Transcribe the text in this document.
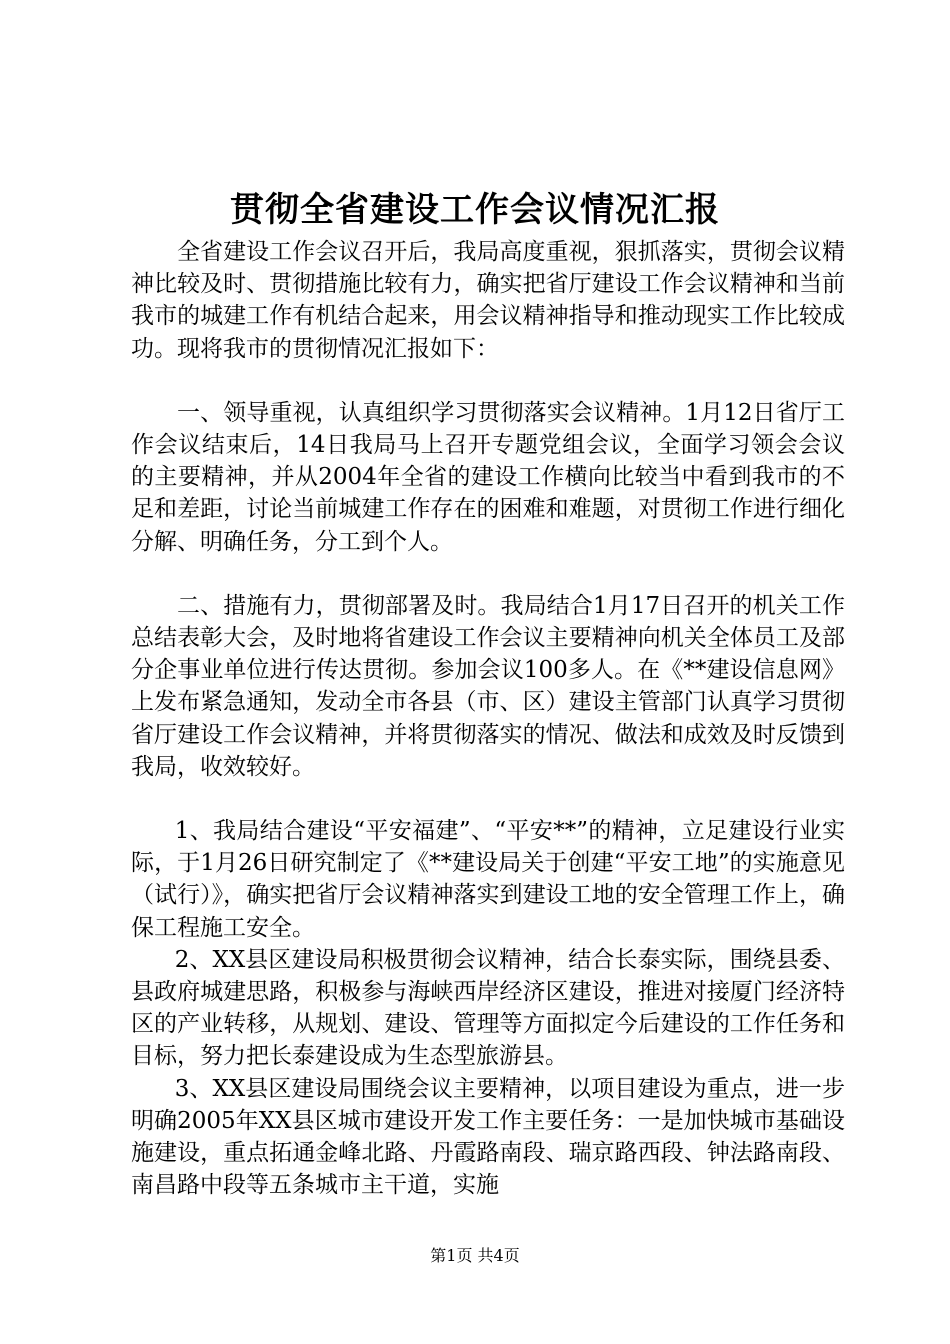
贯彻全省建设工作会议情况汇报

全省建设工作会议召开后，我局高度重视，狠抓落实，贯彻会议精神比较及时、贯彻措施比较有力，确实把省厅建设工作会议精神和当前我市的城建工作有机结合起来，用会议精神指导和推动现实工作比较成功。现将我市的贯彻情况汇报如下：

一、领导重视，认真组织学习贯彻落实会议精神。1月12日省厅工作会议结束后，14日我局马上召开专题党组会议，全面学习领会会议的主要精神，并从2004年全省的建设工作横向比较当中看到我市的不足和差距，讨论当前城建工作存在的困难和难题，对贯彻工作进行细化分解、明确任务，分工到个人。

二、措施有力，贯彻部署及时。我局结合1月17日召开的机关工作总结表彰大会，及时地将省建设工作会议主要精神向机关全体员工及部分企事业单位进行传达贯彻。参加会议100多人。在《**建设信息网》上发布紧急通知，发动全市各县（市、区）建设主管部门认真学习贯彻省厅建设工作会议精神，并将贯彻落实的情况、做法和成效及时反馈到我局，收效较好。

1、我局结合建设“平安福建”、“平安**”的精神，立足建设行业实际，于1月26日研究制定了《**建设局关于创建“平安工地”的实施意见（试行）》，确实把省厅会议精神落实到建设工地的安全管理工作上，确保工程施工安全。

2、XX县区建设局积极贯彻会议精神，结合长泰实际，围绕县委、县政府城建思路，积极参与海峡西岸经济区建设，推进对接厦门经济特区的产业转移，从规划、建设、管理等方面拟定今后建设的工作任务和目标，努力把长泰建设成为生态型旅游县。

3、XX县区建设局围绕会议主要精神，以项目建设为重点，进一步明确2005年XX县区城市建设开发工作主要任务：一是加快城市基础设施建设，重点拓通金峰北路、丹霞路南段、瑞京路西段、钟法路南段、南昌路中段等五条城市主干道，实施

第1页 共4页
